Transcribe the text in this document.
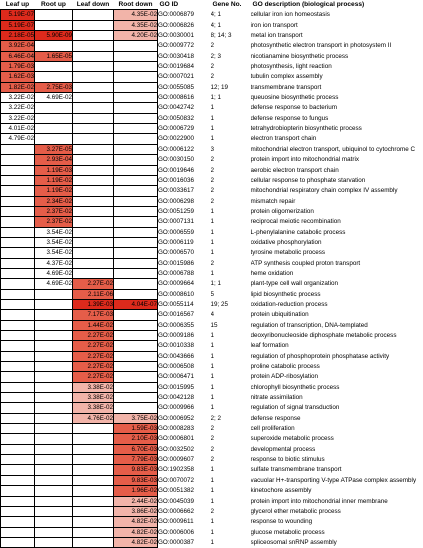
Leaf up	Root up	Leaf down	Root down	GO ID	Gene No.	GO description (biological process)
5.19E-07			4.35E-02	GO:0006879	4; 1	cellular iron ion homeostasis
5.19E-07			4.35E-02	GO:0006826	4; 1	iron ion transport
2.18E-05	5.90E-09		4.20E-02	GO:0030001	8; 14; 3	metal ion transport
3.92E-04				GO:0009772	2	photosynthetic electron transport in photosystem II
6.46E-04	1.65E-05			GO:0030418	2; 3	nicotianamine biosynthetic process
1.79E-03				GO:0019684	2	photosynthesis, light reaction
1.62E-03				GO:0007021	2	tubulin complex assembly
1.82E-02	2.75E-03			GO:0055085	12; 19	transmembrane transport
3.22E-02	4.69E-02			GO:0008616	1; 1	queuosine biosynthetic process
3.22E-02				GO:0042742	1	defense response to bacterium
3.22E-02				GO:0050832	1	defense response to fungus
4.01E-02				GO:0006729	1	tetrahydrobiopterin biosynthetic process
4.79E-02				GO:0022900	1	electron transport chain
	3.27E-05			GO:0006122	3	mitochondrial electron transport, ubiquinol to cytochrome C
	2.93E-04			GO:0030150	2	protein import into mitochondrial matrix
	1.19E-03			GO:0019646	2	aerobic electron transport chain
	1.19E-02			GO:0016036	2	cellular response to phosphate starvation
	1.19E-02			GO:0033617	2	mitochondrial respiratory chain complex IV assembly
	2.34E-02			GO:0006298	2	mismatch repair
	2.37E-02			GO:0051259	1	protein oligomerization
	2.37E-02			GO:0007131	1	reciprocal meiotic recombination
	3.54E-02			GO:0006559	1	L-phenylalanine catabolic process
	3.54E-02			GO:0006119	1	oxidative phosphorylation
	3.54E-02			GO:0006570	1	tyrosine metabolic process
	4.37E-02			GO:0015986	2	ATP synthesis coupled proton transport
	4.69E-02			GO:0006788	1	heme oxidation
	4.69E-02	2.27E-02		GO:0009664	1; 1	plant-type cell wall organization
		2.11E-06		GO:0008610	5	lipid biosynthetic process
		1.39E-03	4.04E-07	GO:0055114	19; 25	oxidation-reduction process
		7.17E-03		GO:0016567	4	protein ubiquitination
		1.44E-02		GO:0006355	15	regulation of transcription, DNA-templated
		2.27E-02		GO:0009186	1	deoxyribonucleoside diphosphate metabolic process
		2.27E-02		GO:0010338	1	leaf formation
		2.27E-02		GO:0043666	1	regulation of phosphoprotein phosphatase activity
		2.27E-02		GO:0006508	1	proline catabolic process
		2.27E-02		GO:0006471	1	protein ADP-ribosylation
		3.38E-02		GO:0015995	1	chlorophyll biosynthetic process
		3.38E-02		GO:0042128	1	nitrate assimilation
		3.38E-02		GO:0009966	1	regulation of signal transduction
		4.76E-02	3.75E-02	GO:0006952	2; 2	defense response
			1.59E-03	GO:0008283	2	cell proliferation
			2.10E-03	GO:0006801	2	superoxide metabolic process
			6.70E-03	GO:0032502	2	developmental process
			7.79E-03	GO:0009607	2	response to biotic stimulus
			9.83E-03	GO:1902358	1	sulfate transmembrane transport
			9.83E-03	GO:0070072	1	vacuolar H+-transporting V-type ATPase complex assembly
			1.96E-02	GO:0051382	1	kinetochore assembly
			2.44E-02	GO:0045039	1	protein import into mitochondrial inner membrane
			3.86E-02	GO:0006662	2	glycerol ether metabolic process
			4.82E-02	GO:0009611	1	response to wounding
			4.82E-02	GO:0006006	1	glucose metabolic process
			4.82E-02	GO:0000387	1	spliceosomal snRNP assembly
